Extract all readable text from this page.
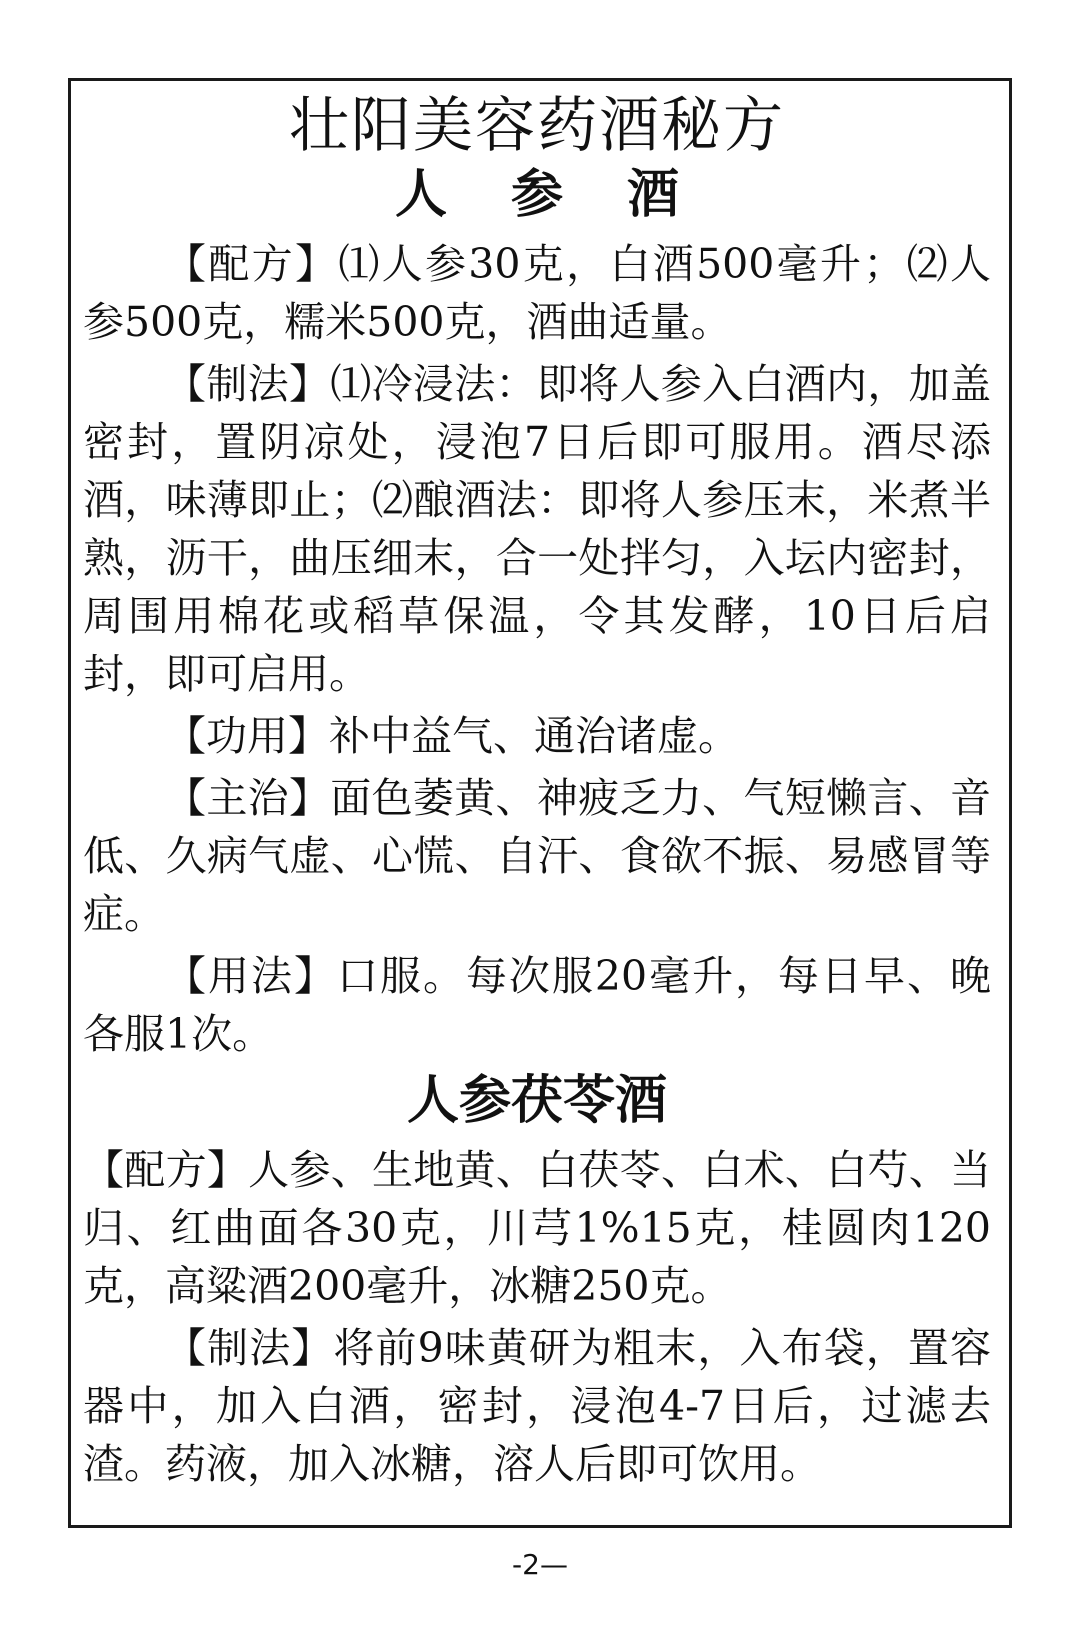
壮阳美容药酒秘方
人参酒

【配方】⑴人参30克，白酒500毫升；⑵人参500克，糯米500克，酒曲适量。

【制法】⑴冷浸法：即将人参入白酒内，加盖密封，置阴凉处，浸泡7日后即可服用。酒尽添酒，味薄即止；⑵酿酒法：即将人参压末，米煮半熟，沥干，曲压细末，合一处拌匀，入坛内密封，周围用棉花或稻草保温，令其发酵，10日后启封，即可启用。

【功用】补中益气、通治诸虚。

【主治】面色萎黄、神疲乏力、气短懒言、音低、久病气虚、心慌、自汗、食欲不振、易感冒等症。

【用法】口服。每次服20毫升，每日早、晚各服1次。

人参茯苓酒

【配方】人参、生地黄、白茯苓、白术、白芍、当归、红曲面各30克，川芎1%15克，桂圆肉120克，高粱酒200毫升，冰糖250克。

【制法】将前9味黄研为粗末，入布袋，置容器中，加入白酒，密封，浸泡4-7日后，过滤去渣。药液，加入冰糖，溶人后即可饮用。

-2—
